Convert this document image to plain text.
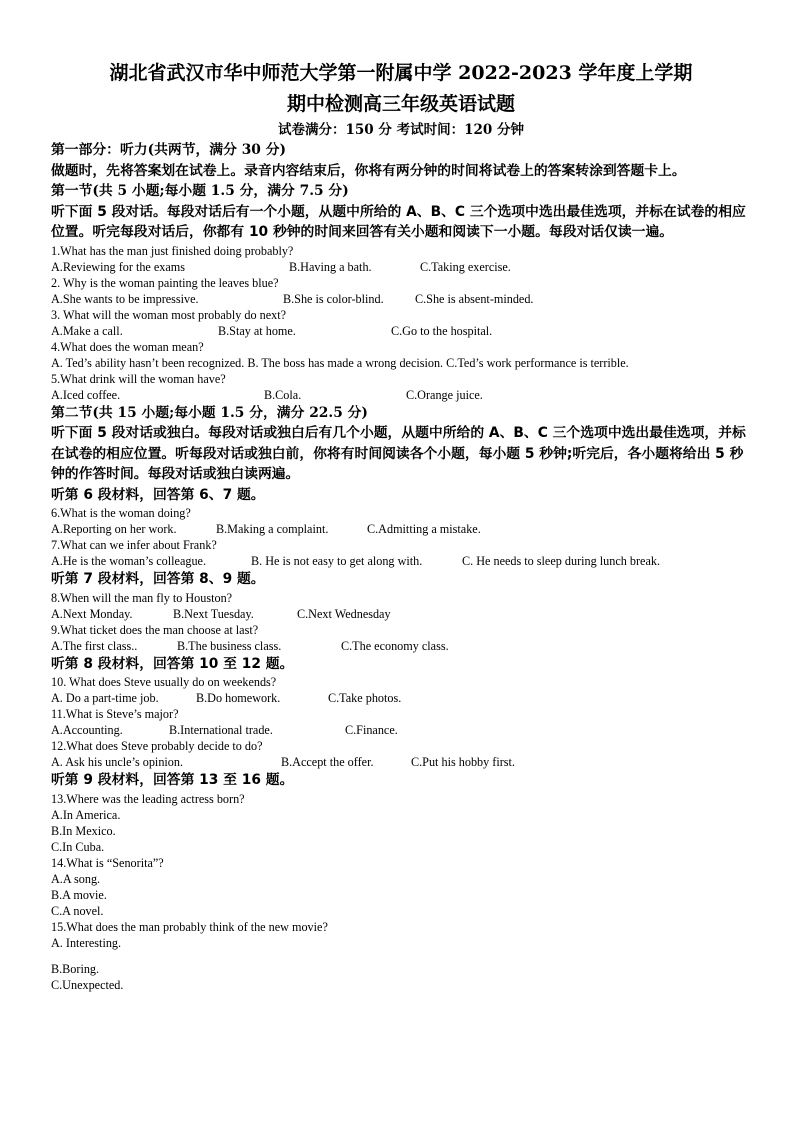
湖北省武汉市华中师范大学第一附属中学 2022-2023 学年度上学期
期中检测高三年级英语试题
试卷满分：150 分 考试时间：120 分钟
第一部分：听力(共两节，满分 30 分)
做题时，先将答案划在试卷上。录音内容结束后，你将有两分钟的时间将试卷上的答案转涂到答题卡上。
第一节(共 5 小题;每小题 1.5 分，满分 7.5 分)
听下面 5 段对话。每段对话后有一个小题，从题中所给的 A、B、C 三个选项中选出最佳选项，并标在试卷的相应位置。听完每段对话后，你都有 10 秒钟的时间来回答有关小题和阅读下一小题。每段对话仅读一遍。
1.What has the man just finished doing probably?
A.Reviewing for the exams	B.Having a bath.	C.Taking exercise.
2. Why is the woman painting the leaves blue?
A.She wants to be impressive.	B.She is color-blind.	C.She is absent-minded.
3. What will the woman most probably do next?
A.Make a call.	B.Stay at home.	C.Go to the hospital.
4.What does the woman mean?
A. Ted’s ability hasn’t been recognized. B. The boss has made a wrong decision. C.Ted’s work performance is terrible.
5.What drink will the woman have?
A.Iced coffee.	B.Cola.	C.Orange juice.
第二节(共 15 小题;每小题 1.5 分，满分 22.5 分)
听下面 5 段对话或独白。每段对话或独白后有几个小题，从题中所给的 A、B、C 三个选项中选出最佳选项，并标在试卷的相应位置。听每段对话或独白前，你将有时间阅读各个小题，每小题 5 秒钟;听完后，各小题将给出 5 秒钟的作答时间。每段对话或独白读两遍。
听第 6 段材料，回答第 6、7 题。
6.What is the woman doing?
A.Reporting on her work.	B.Making a complaint.	C.Admitting a mistake.
7.What can we infer about Frank?
A.He is the woman’s colleague.	B. He is not easy to get along with.	C. He needs to sleep during lunch break.
听第 7 段材料，回答第 8、9 题。
8.When will the man fly to Houston?
A.Next Monday.	B.Next Tuesday.	C.Next Wednesday
9.What ticket does the man choose at last?
A.The first class..	B.The business class.	C.The economy class.
听第 8 段材料，回答第 10 至 12 题。
10. What does Steve usually do on weekends?
A. Do a part-time job.	B.Do homework.	C.Take photos.
11.What is Steve’s major?
A.Accounting.	B.International trade.	C.Finance.
12.What does Steve probably decide to do?
A. Ask his uncle’s opinion.	B.Accept the offer.	C.Put his hobby first.
听第 9 段材料，回答第 13 至 16 题。
13.Where was the leading actress born?
A.In America.
B.In Mexico.
C.In Cuba.
14.What is “Senorita”?
A.A song.
B.A movie.
C.A novel.
15.What does the man probably think of the new movie?
A. Interesting.
B.Boring.
C.Unexpected.
